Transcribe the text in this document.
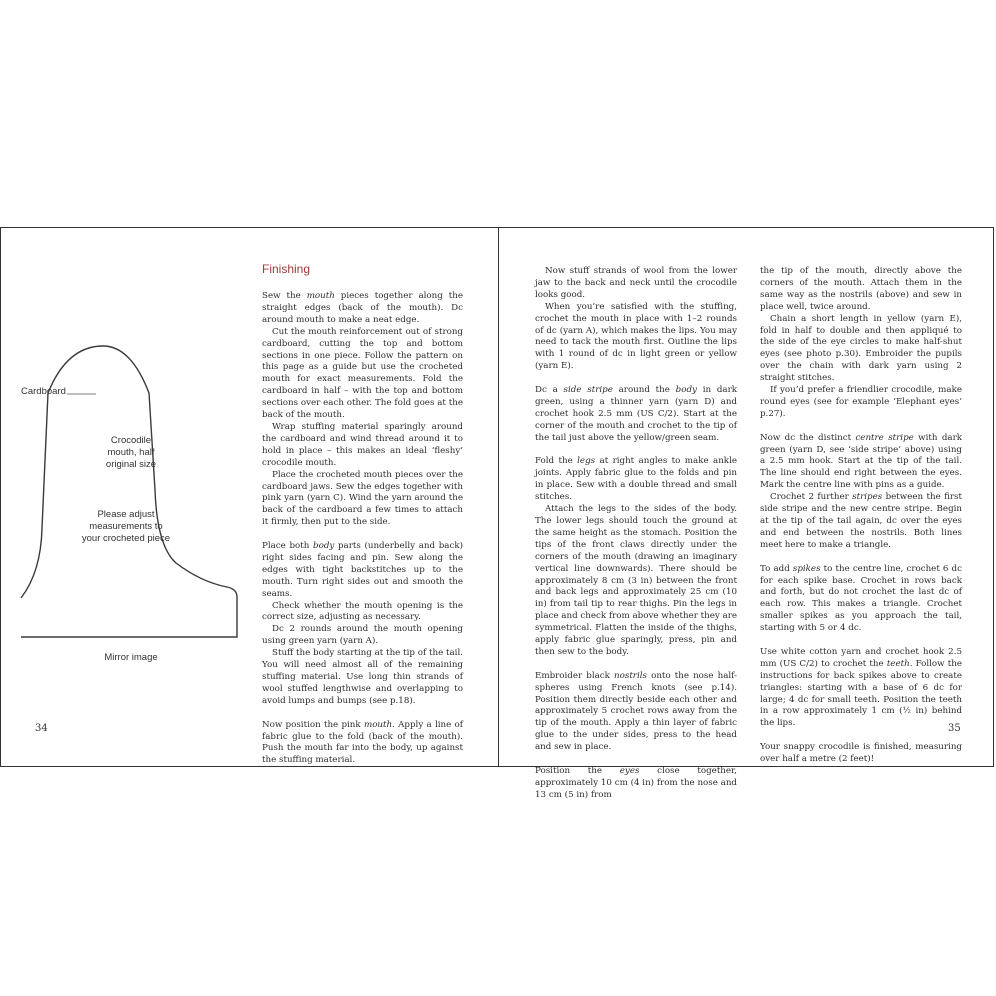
Cardboard
Crocodile
mouth, half
original size
Please adjust
measurements to
your crocheted piece
Mirror image
34	35
Finishing

Sew the mouth pieces together along the straight edges (back of the mouth). Dc around mouth to make a neat edge.

Cut the mouth reinforcement out of strong cardboard, cutting the top and bottom sections in one piece. Follow the pattern on this page as a guide but use the crocheted mouth for exact measurements. Fold the cardboard in half – with the top and bottom sections over each other. The fold goes at the back of the mouth.

Wrap stuffing material sparingly around the cardboard and wind thread around it to hold in place – this makes an ideal ‘fleshy’ crocodile mouth.

Place the crocheted mouth pieces over the cardboard jaws. Sew the edges together with pink yarn (yarn C). Wind the yarn around the back of the cardboard a few times to attach it firmly, then put to the side.

Place both body parts (underbelly and back) right sides facing and pin. Sew along the edges with tight backstitches up to the mouth. Turn right sides out and smooth the seams.

Check whether the mouth opening is the correct size, adjusting as necessary.

Dc 2 rounds around the mouth opening using green yarn (yarn A).

Stuff the body starting at the tip of the tail. You will need almost all of the remaining stuffing material. Use long thin strands of wool stuffed lengthwise and overlapping to avoid lumps and bumps (see p.18).

Now position the pink mouth. Apply a line of fabric glue to the fold (back of the mouth). Push the mouth far into the body, up against the stuffing material.

Now stuff strands of wool from the lower jaw to the back and neck until the crocodile looks good.

When you’re satisfied with the stuffing, crochet the mouth in place with 1–2 rounds of dc (yarn A), which makes the lips. You may need to tack the mouth first. Outline the lips with 1 round of dc in light green or yellow (yarn E).

Dc a side stripe around the body in dark green, using a thinner yarn (yarn D) and crochet hook 2.5 mm (US C/2). Start at the corner of the mouth and crochet to the tip of the tail just above the yellow/green seam.

Fold the legs at right angles to make ankle joints. Apply fabric glue to the folds and pin in place. Sew with a double thread and small stitches.

Attach the legs to the sides of the body. The lower legs should touch the ground at the same height as the stomach. Position the tips of the front claws directly under the corners of the mouth (drawing an imaginary vertical line downwards). There should be approximately 8 cm (3 in) between the front and back legs and approximately 25 cm (10 in) from tail tip to rear thighs. Pin the legs in place and check from above whether they are symmetrical. Flatten the inside of the thighs, apply fabric glue sparingly, press, pin and then sew to the body.

Embroider black nostrils onto the nose half-spheres using French knots (see p.14). Position them directly beside each other and approximately 5 crochet rows away from the tip of the mouth. Apply a thin layer of fabric glue to the under sides, press to the head and sew in place.

Position the eyes close together, approximately 10 cm (4 in) from the nose and 13 cm (5 in) from

the tip of the mouth, directly above the corners of the mouth. Attach them in the same way as the nostrils (above) and sew in place well, twice around.

Chain a short length in yellow (yarn E), fold in half to double and then appliqué to the side of the eye circles to make half-shut eyes (see photo p.30). Embroider the pupils over the chain with dark yarn using 2 straight stitches.

If you’d prefer a friendlier crocodile, make round eyes (see for example ‘Elephant eyes’ p.27).

Now dc the distinct centre stripe with dark green (yarn D, see ‘side stripe’ above) using a 2.5 mm hook. Start at the tip of the tail. The line should end right between the eyes. Mark the centre line with pins as a guide.

Crochet 2 further stripes between the first side stripe and the new centre stripe. Begin at the tip of the tail again, dc over the eyes and end between the nostrils. Both lines meet here to make a triangle.

To add spikes to the centre line, crochet 6 dc for each spike base. Crochet in rows back and forth, but do not crochet the last dc of each row. This makes a triangle. Crochet smaller spikes as you approach the tail, starting with 5 or 4 dc.

Use white cotton yarn and crochet hook 2.5 mm (US C/2) to crochet the teeth. Follow the instructions for back spikes above to create triangles: starting with a base of 6 dc for large; 4 dc for small teeth. Position the teeth in a row approximately 1 cm (½ in) behind the lips.

Your snappy crocodile is finished, measuring over half a metre (2 feet)!
